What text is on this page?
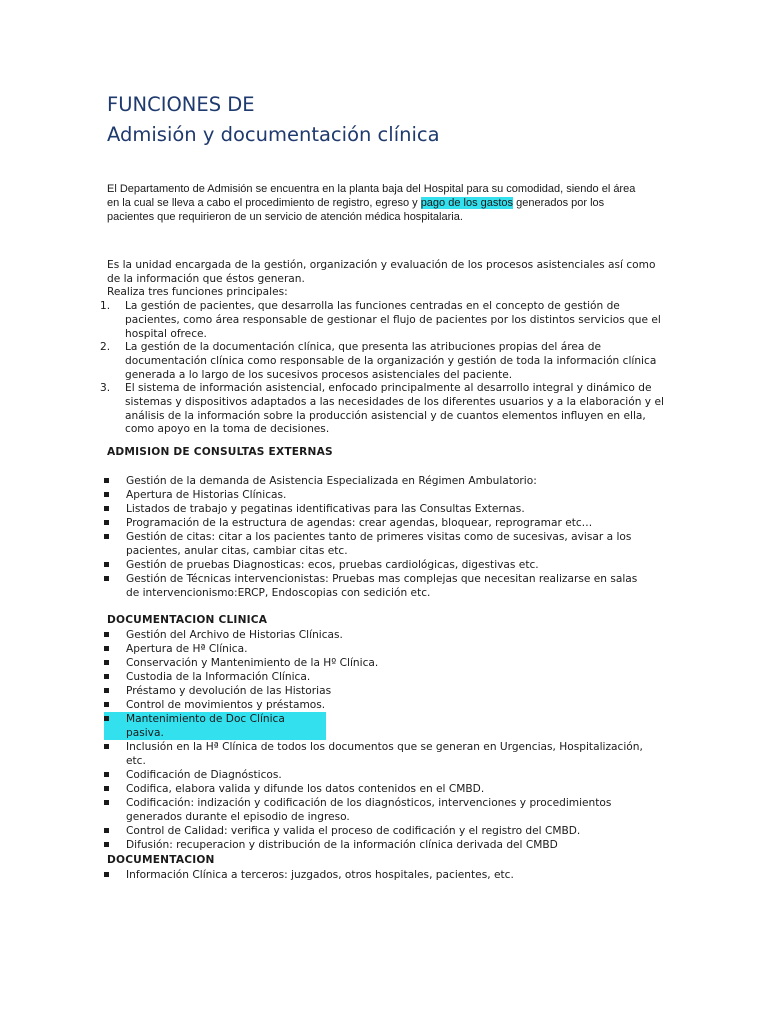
FUNCIONES DE
Admisión y documentación clínica

El Departamento de Admisión se encuentra en la planta baja del Hospital para su comodidad, siendo el área en la cual se lleva a cabo el procedimiento de registro, egreso y pago de los gastos generados por los pacientes que requirieron de un servicio de atención médica hospitalaria.

Es la unidad encargada de la gestión, organización y evaluación de los procesos asistenciales así como de la información que éstos generan.

Realiza tres funciones principales:

1. La gestión de pacientes, que desarrolla las funciones centradas en el concepto de gestión de pacientes, como área responsable de gestionar el flujo de pacientes por los distintos servicios que el hospital ofrece.
2. La gestión de la documentación clínica, que presenta las atribuciones propias del área de documentación clínica como responsable de la organización y gestión de toda la información clínica generada a lo largo de los sucesivos procesos asistenciales del paciente.
3. El sistema de información asistencial, enfocado principalmente al desarrollo integral y dinámico de sistemas y dispositivos adaptados a las necesidades de los diferentes usuarios y a la elaboración y el análisis de la información sobre la producción asistencial y de cuantos elementos influyen en ella, como apoyo en la toma de decisiones.

ADMISION DE CONSULTAS EXTERNAS

Gestión de la demanda de Asistencia Especializada en Régimen Ambulatorio:
Apertura de Historias Clínicas.
Listados de trabajo y pegatinas identificativas para las Consultas Externas.
Programación de la estructura de agendas: crear agendas, bloquear, reprogramar etc…
Gestión de citas: citar a los pacientes tanto de primeres visitas como de sucesivas, avisar a los pacientes, anular citas, cambiar citas etc.
Gestión de pruebas Diagnosticas: ecos, pruebas cardiológicas, digestivas etc.
Gestión de Técnicas intervencionistas: Pruebas mas complejas que necesitan realizarse en salas de intervencionismo:ERCP, Endoscopias con sedición etc.

DOCUMENTACION CLINICA

Gestión del Archivo de Historias Clínicas.
Apertura de Hª Clínica.
Conservación y Mantenimiento de la Hº Clínica.
Custodia de la Información Clínica.
Préstamo y devolución de las Historias
Control de movimientos y préstamos.
Mantenimiento de Doc Clínica pasiva.
Inclusión en la Hª Clínica de todos los documentos que se generan en Urgencias, Hospitalización, etc.
Codificación de Diagnósticos.
Codifica, elabora valida y difunde los datos contenidos en el CMBD.
Codificación: indización y codificación de los diagnósticos, intervenciones y procedimientos generados durante el episodio de ingreso.
Control de Calidad: verifica y valida el proceso de codificación y el registro del CMBD.
Difusión: recuperacion y distribución de la información clínica derivada del CMBD

DOCUMENTACION

Información Clínica a terceros: juzgados, otros hospitales, pacientes, etc.
